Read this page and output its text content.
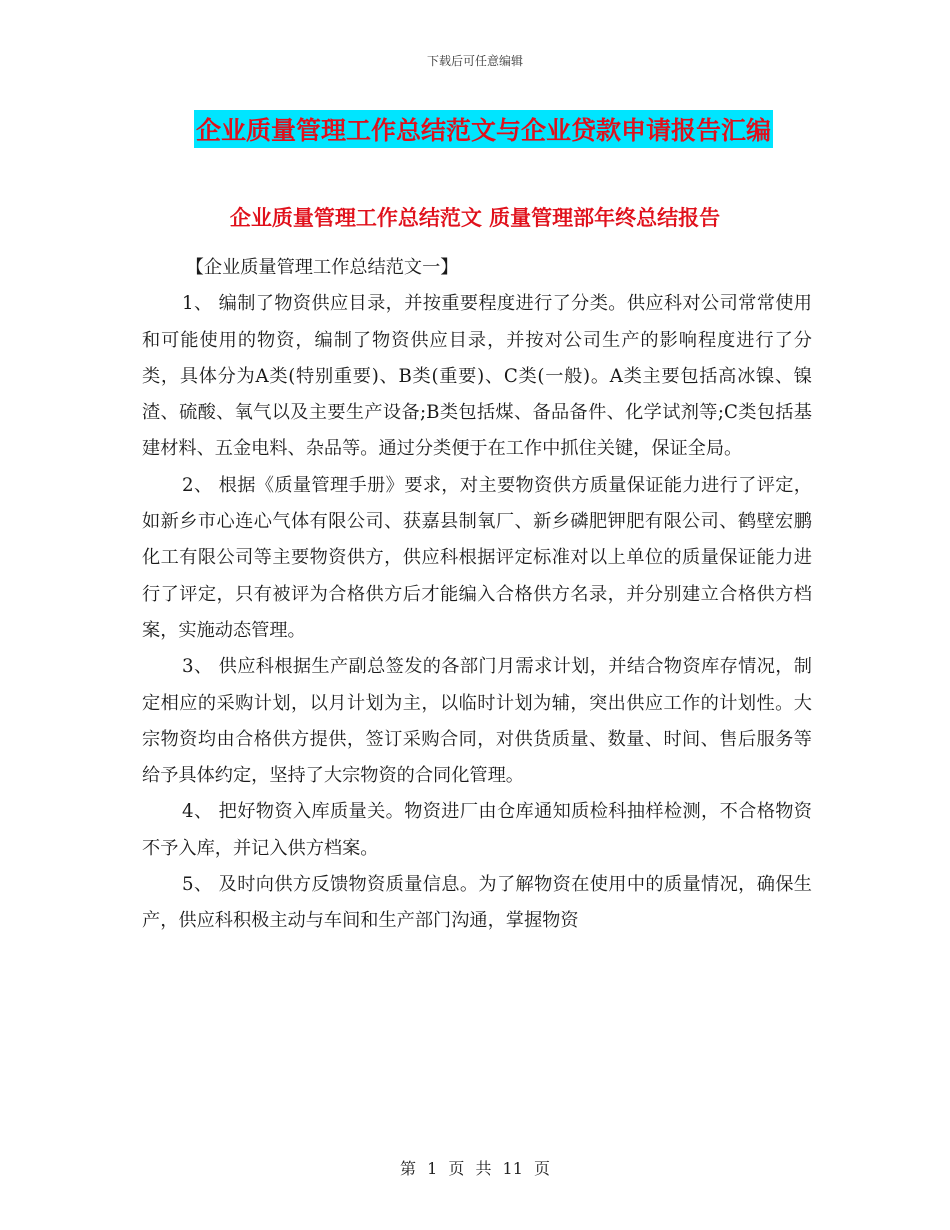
下载后可任意编辑
企业质量管理工作总结范文与企业贷款申请报告汇编
企业质量管理工作总结范文 质量管理部年终总结报告

【企业质量管理工作总结范文一】

1、 编制了物资供应目录，并按重要程度进行了分类。供应科对公司常常使用和可能使用的物资，编制了物资供应目录，并按对公司生产的影响程度进行了分类，具体分为A类(特别重要)、B类(重要)、C类(一般)。A类主要包括高冰镍、镍渣、硫酸、氧气以及主要生产设备;B类包括煤、备品备件、化学试剂等;C类包括基建材料、五金电料、杂品等。通过分类便于在工作中抓住关键，保证全局。

2、 根据《质量管理手册》要求，对主要物资供方质量保证能力进行了评定，如新乡市心连心气体有限公司、获嘉县制氧厂、新乡磷肥钾肥有限公司、鹤壁宏鹏化工有限公司等主要物资供方，供应科根据评定标准对以上单位的质量保证能力进行了评定，只有被评为合格供方后才能编入合格供方名录，并分别建立合格供方档案，实施动态管理。

3、 供应科根据生产副总签发的各部门月需求计划，并结合物资库存情况，制定相应的采购计划，以月计划为主，以临时计划为辅，突出供应工作的计划性。大宗物资均由合格供方提供，签订采购合同，对供货质量、数量、时间、售后服务等给予具体约定，坚持了大宗物资的合同化管理。

4、 把好物资入库质量关。物资进厂由仓库通知质检科抽样检测，不合格物资不予入库，并记入供方档案。

5、 及时向供方反馈物资质量信息。为了解物资在使用中的质量情况，确保生产，供应科积极主动与车间和生产部门沟通，掌握物资

第 1 页 共 11 页
